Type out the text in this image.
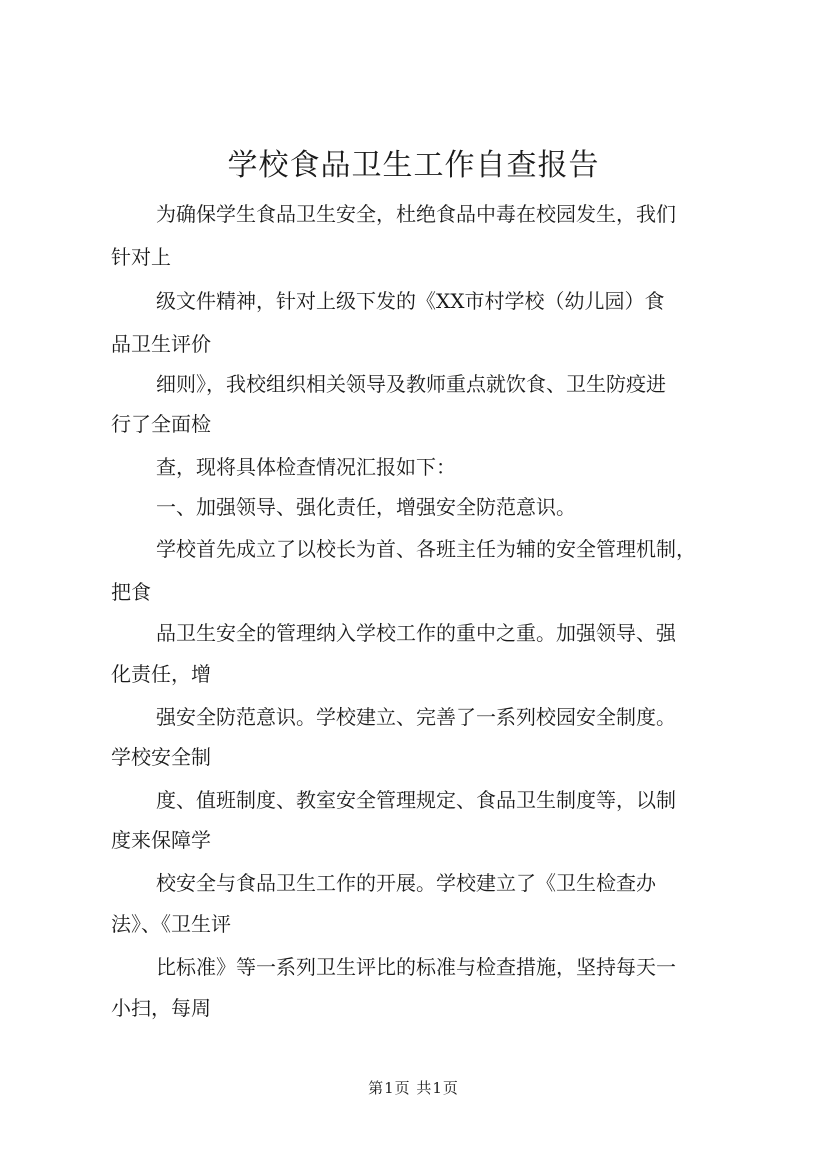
学校食品卫生工作自查报告

为确保学生食品卫生安全，杜绝食品中毒在校园发生，我们

针对上

级文件精神，针对上级下发的《XX市村学校（幼儿园）食

品卫生评价

细则》，我校组织相关领导及教师重点就饮食、卫生防疫进

行了全面检

查，现将具体检查情况汇报如下：

一、加强领导、强化责任，增强安全防范意识。

学校首先成立了以校长为首、各班主任为辅的安全管理机制，

把食

品卫生安全的管理纳入学校工作的重中之重。加强领导、强

化责任，增

强安全防范意识。学校建立、完善了一系列校园安全制度。

学校安全制

度、值班制度、教室安全管理规定、食品卫生制度等，以制

度来保障学

校安全与食品卫生工作的开展。学校建立了《卫生检查办

法》、《卫生评

比标准》等一系列卫生评比的标准与检查措施，坚持每天一

小扫，每周

第1页 共1页
